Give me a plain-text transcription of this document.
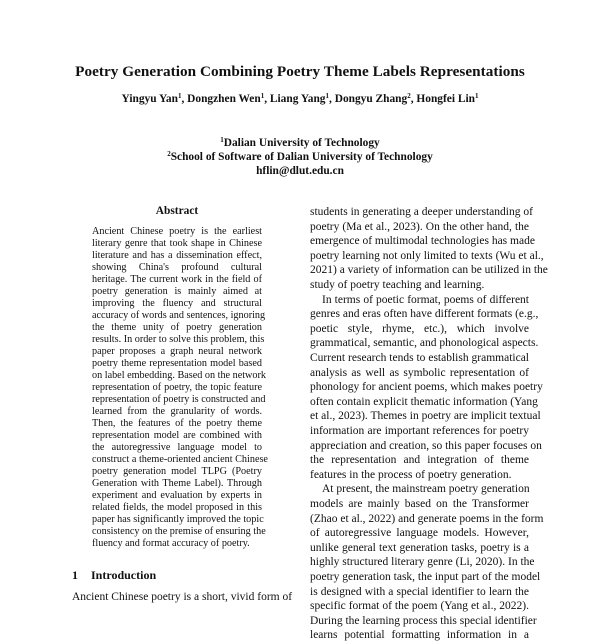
Poetry Generation Combining Poetry Theme Labels Representations
Yingyu Yan$^1$, Dongzhen Wen$^1$, Liang Yang$^1$, Dongyu Zhang$^2$, Hongfei Lin$^1$
$^1$Dalian University of Technology
$^2$School of Software of Dalian University of Technology
hflin@dlut.edu.cn
Abstract
Ancient Chinese poetry is the earliest
literary genre that took shape in Chinese
literature and has a dissemination effect,
showing China's profound cultural
heritage. The current work in the field of
poetry generation is mainly aimed at
improving the fluency and structural
accuracy of words and sentences, ignoring
the theme unity of poetry generation
results. In order to solve this problem, this
paper proposes a graph neural network
poetry theme representation model based
on label embedding. Based on the network
representation of poetry, the topic feature
representation of poetry is constructed and
learned from the granularity of words.
Then, the features of the poetry theme
representation model are combined with
the autoregressive language model to
construct a theme-oriented ancient Chinese
poetry generation model TLPG (Poetry
Generation with Theme Label). Through
experiment and evaluation by experts in
related fields, the model proposed in this
paper has significantly improved the topic
consistency on the premise of ensuring the
fluency and format accuracy of poetry.
1 Introduction
Ancient Chinese poetry is a short, vivid form of
students in generating a deeper understanding of
poetry (Ma et al., 2023). On the other hand, the
emergence of multimodal technologies has made
poetry learning not only limited to texts (Wu et al.,
2021) a variety of information can be utilized in the
study of poetry teaching and learning.
In terms of poetic format, poems of different
genres and eras often have different formats (e.g.,
poetic style, rhyme, etc.), which involve
grammatical, semantic, and phonological aspects.
Current research tends to establish grammatical
analysis as well as symbolic representation of
phonology for ancient poems, which makes poetry
often contain explicit thematic information (Yang
et al., 2023). Themes in poetry are implicit textual
information are important references for poetry
appreciation and creation, so this paper focuses on
the representation and integration of theme
features in the process of poetry generation.
At present, the mainstream poetry generation
models are mainly based on the Transformer
(Zhao et al., 2022) and generate poems in the form
of autoregressive language models. However,
unlike general text generation tasks, poetry is a
highly structured literary genre (Li, 2020). In the
poetry generation task, the input part of the model
is designed with a special identifier to learn the
specific format of the poem (Yang et al., 2022).
During the learning process this special identifier
learns potential formatting information in a
